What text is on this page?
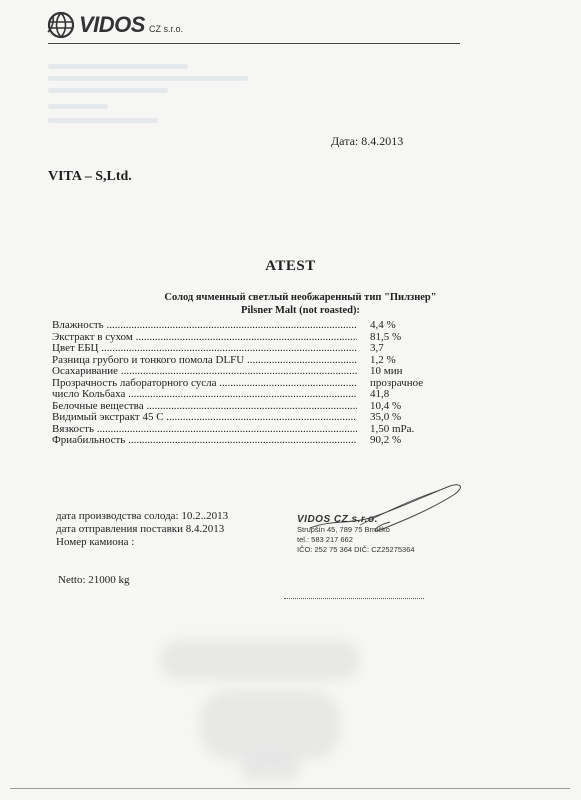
VIDOS CZ s.r.o.
Дата: 8.4.2013
VITA – S,Ltd.
ATEST
Солод ячменный светлый необжаренный тип "Пилзнер"
Pilsner Malt (not roasted):
Влажность .....	4,4 %
Экстракт в сухом .....	81,5 %
Цвет ЕБЦ .....	3,7
Разница грубого и тонкого помола DLFU .....	1,2 %
Осахаривание .....	10 мин
Прозрачность лабораторного сусла .....	прозрачное
число Кольбаха .....	41,8
Белочные вещества .....	10,4 %
Видимый экстракт 45 С .....	35,0 %
Вязкость .....	1,50 mPa.
Фриабильность .....	90,2 %
дата производства солода: 10.2..2013
дата отправления поставки 8.4.2013
Номер камиона :
Netto: 21000 kg
VIDOS CZ s.r.o.
Strupšín 45, 789 75 Brníčko
tel.: 583 217 662
IČO: 252 75 364 DIČ: CZ25275364
